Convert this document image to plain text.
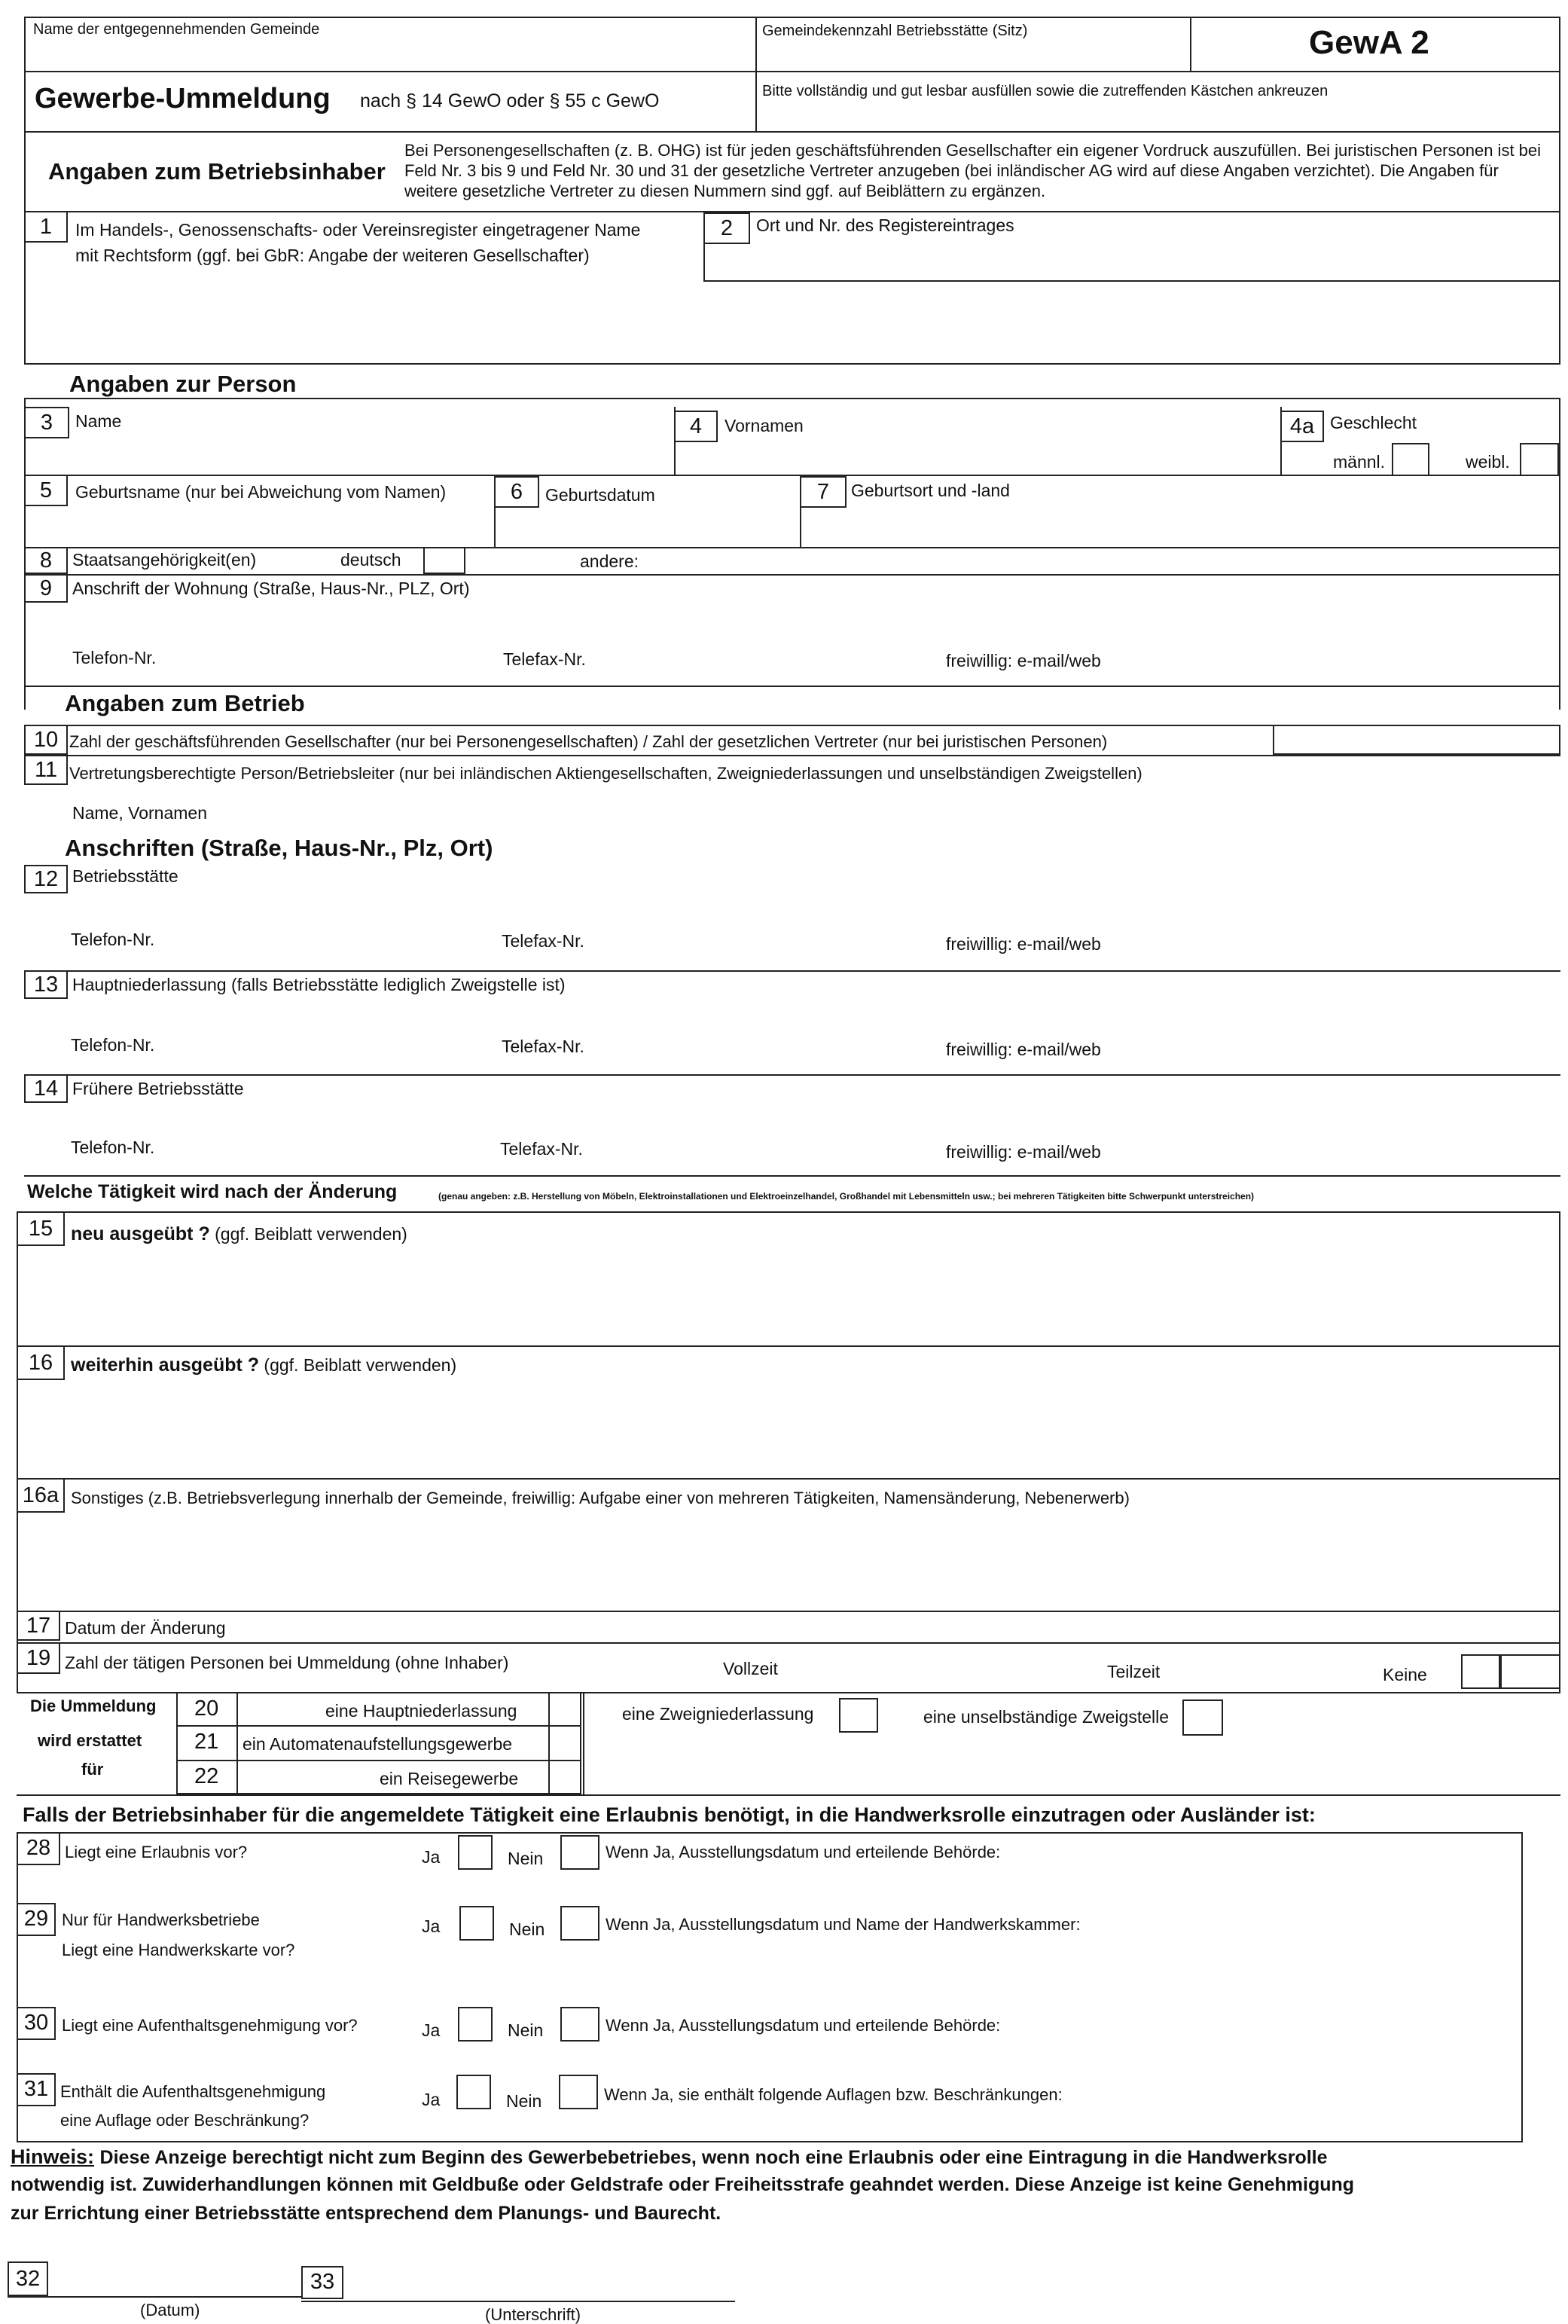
Name der entgegennehmenden Gemeinde	Gemeindekennzahl Betriebsstätte (Sitz)	GewA 2
Gewerbe-Ummeldung nach § 14 GewO oder § 55 c GewO	Bitte vollständig und gut lesbar ausfüllen sowie die zutreffenden Kästchen ankreuzen
Angaben zum Betriebsinhaber
Bei Personengesellschaften (z. B. OHG) ist für jeden geschäftsführenden Gesellschafter ein eigener Vordruck auszufüllen. Bei juristischen Personen ist bei Feld Nr. 3 bis 9 und Feld Nr. 30 und 31 der gesetzliche Vertreter anzugeben (bei inländischer AG wird auf diese Angaben verzichtet). Die Angaben für weitere gesetzliche Vertreter zu diesen Nummern sind ggf. auf Beiblättern zu ergänzen.
1	Im Handels-, Genossenschafts- oder Vereinsregister eingetragener Name
mit Rechtsform (ggf. bei GbR: Angabe der weiteren Gesellschafter)
2	Ort und Nr. des Registereintrages
Angaben zur Person
3	Name	4	Vornamen	4a Geschlecht
männl.	weibl.
5	Geburtsname (nur bei Abweichung vom Namen)	6	Geburtsdatum	7	Geburtsort und -land
8	Staatsangehörigkeit(en)	deutsch	andere:
9	Anschrift der Wohnung (Straße, Haus-Nr., PLZ, Ort)
Telefon-Nr.	Telefax-Nr.	freiwillig: e-mail/web
Angaben zum Betrieb
10 Zahl der geschäftsführenden Gesellschafter (nur bei Personengesellschaften) / Zahl der gesetzlichen Vertreter (nur bei juristischen Personen)
11 Vertretungsberechtigte Person/Betriebsleiter (nur bei inländischen Aktiengesellschaften, Zweigniederlassungen und unselbständigen Zweigstellen)
Name, Vornamen
Anschriften (Straße, Haus-Nr., Plz, Ort)
12 Betriebsstätte
Telefon-Nr.	Telefax-Nr.	freiwillig: e-mail/web
13 Hauptniederlassung (falls Betriebsstätte lediglich Zweigstelle ist)
Telefon-Nr.	Telefax-Nr.	freiwillig: e-mail/web
14 Frühere Betriebsstätte
Telefon-Nr.	Telefax-Nr.	freiwillig: e-mail/web
Welche Tätigkeit wird nach der Änderung	(genau angeben: z.B. Herstellung von Möbeln, Elektroinstallationen und Elektroeinzelhandel, Großhandel mit Lebensmitteln usw.; bei mehreren Tätigkeiten bitte Schwerpunkt unterstreichen)
15 neu ausgeübt ? (ggf. Beiblatt verwenden)
16 weiterhin ausgeübt ? (ggf. Beiblatt verwenden)
16a Sonstiges (z.B. Betriebsverlegung innerhalb der Gemeinde, freiwillig: Aufgabe einer von mehreren Tätigkeiten, Namensänderung, Nebenerwerb)
17 Datum der Änderung
19 Zahl der tätigen Personen bei Ummeldung (ohne Inhaber)	Vollzeit	Teilzeit	Keine
Die Ummeldung
wird erstattet
für
20	eine Hauptniederlassung
21 ein Automatenaufstellungsgewerbe
22	ein Reisegewerbe
eine Zweigniederlassung	eine unselbständige Zweigstelle
Falls der Betriebsinhaber für die angemeldete Tätigkeit eine Erlaubnis benötigt, in die Handwerksrolle einzutragen oder Ausländer ist:
28 Liegt eine Erlaubnis vor?	Ja	Nein	Wenn Ja, Ausstellungsdatum und erteilende Behörde:
29 Nur für Handwerksbetriebe
Liegt eine Handwerkskarte vor?
Ja	Nein	Wenn Ja, Ausstellungsdatum und Name der Handwerkskammer:
30 Liegt eine Aufenthaltsgenehmigung vor?	Ja	Nein	Wenn Ja, Ausstellungsdatum und erteilende Behörde:
31 Enthält die Aufenthaltsgenehmigung
eine Auflage oder Beschränkung?
Ja	Nein	Wenn Ja, sie enthält folgende Auflagen bzw. Beschränkungen:
Hinweis: Diese Anzeige berechtigt nicht zum Beginn des Gewerbebetriebes, wenn noch eine Erlaubnis oder eine Eintragung in die Handwerksrolle
notwendig ist. Zuwiderhandlungen können mit Geldbuße oder Geldstrafe oder Freiheitsstrafe geahndet werden. Diese Anzeige ist keine Genehmigung
zur Errichtung einer Betriebsstätte entsprechend dem Planungs- und Baurecht.
32
(Datum)
33
(Unterschrift)
